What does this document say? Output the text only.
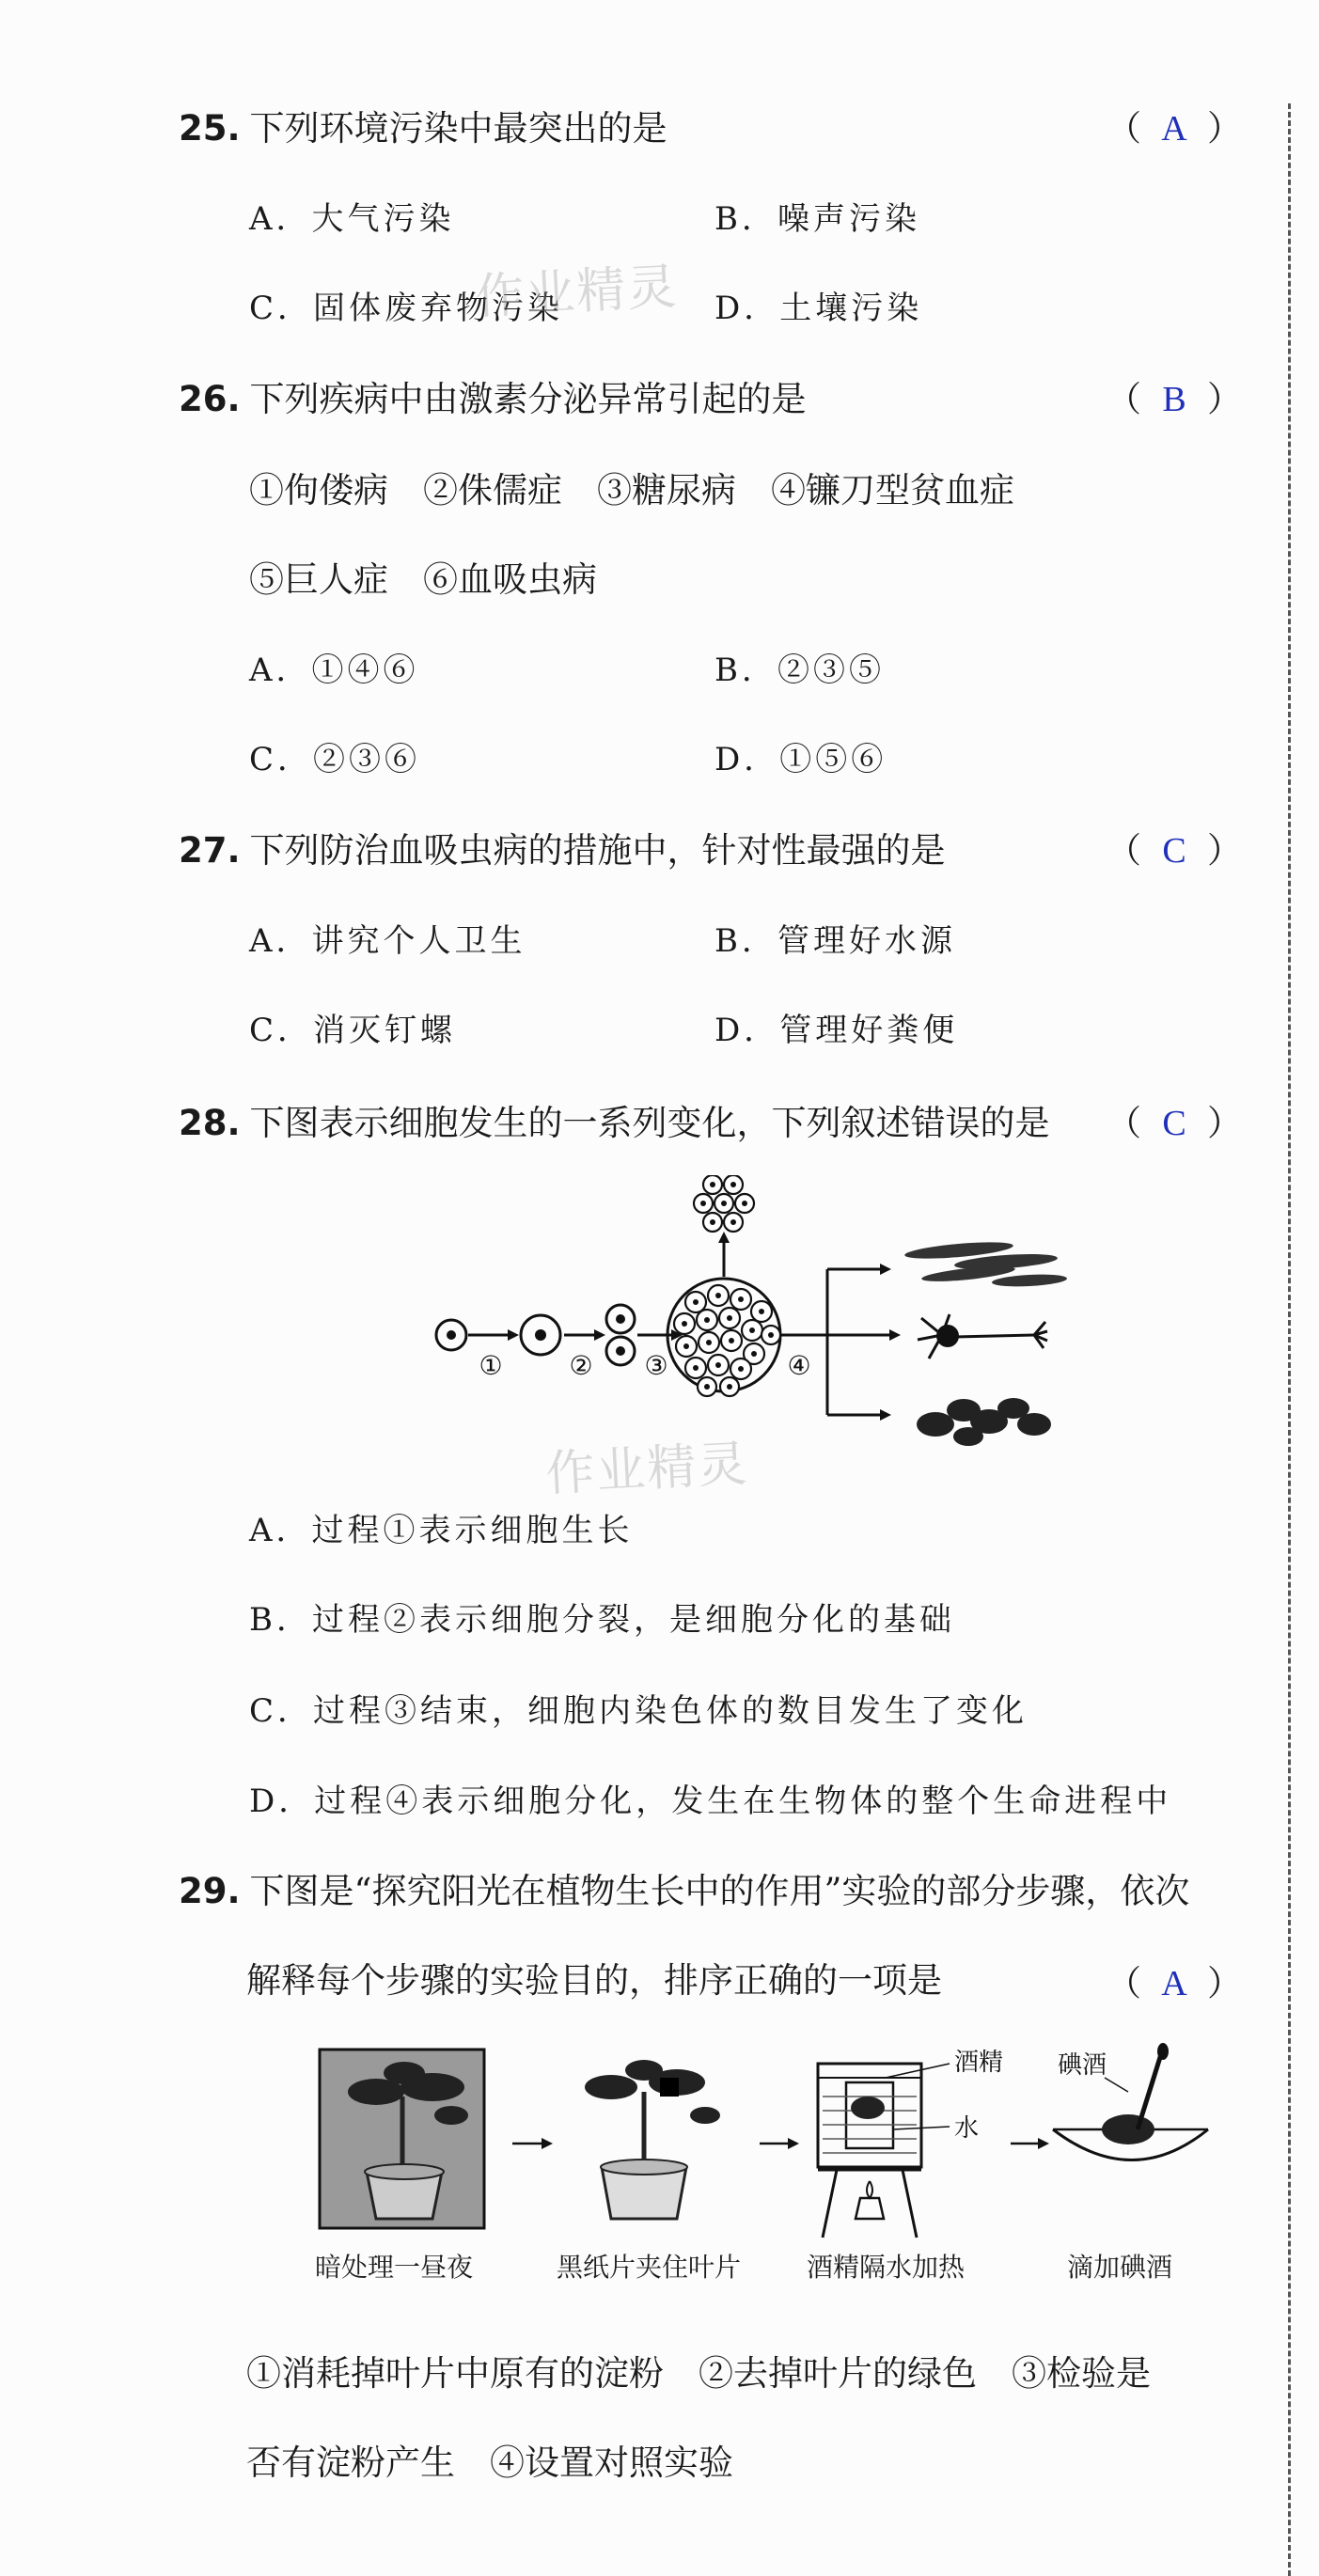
25. 下列环境污染中最突出的是	（ A ）
A．大气污染	B．噪声污染
C．固体废弃物污染	D．土壤污染
作业精灵
26. 下列疾病中由激素分泌异常引起的是	（ B ）
①佝偻病　②侏儒症　③糖尿病　④镰刀型贫血症
⑤巨人症　⑥血吸虫病
A．①④⑥	B．②③⑤
C．②③⑥	D．①⑤⑥
27. 下列防治血吸虫病的措施中，针对性最强的是	（ C ）
A．讲究个人卫生	B．管理好水源
C．消灭钉螺	D．管理好粪便
28. 下图表示细胞发生的一系列变化，下列叙述错误的是 （ C ）
①	② ③	④
作业精灵
A．过程①表示细胞生长
B．过程②表示细胞分裂，是细胞分化的基础
C．过程③结束，细胞内染色体的数目发生了变化
D．过程④表示细胞分化，发生在生物体的整个生命进程中
29. 下图是“探究阳光在植物生长中的作用”实验的部分步骤，依次
解释每个步骤的实验目的，排序正确的一项是	（ A ）
酒精
水
碘酒
暗处理一昼夜	黑纸片夹住叶片 酒精隔水加热	滴加碘酒
①消耗掉叶片中原有的淀粉　②去掉叶片的绿色　③检验是
否有淀粉产生　④设置对照实验
